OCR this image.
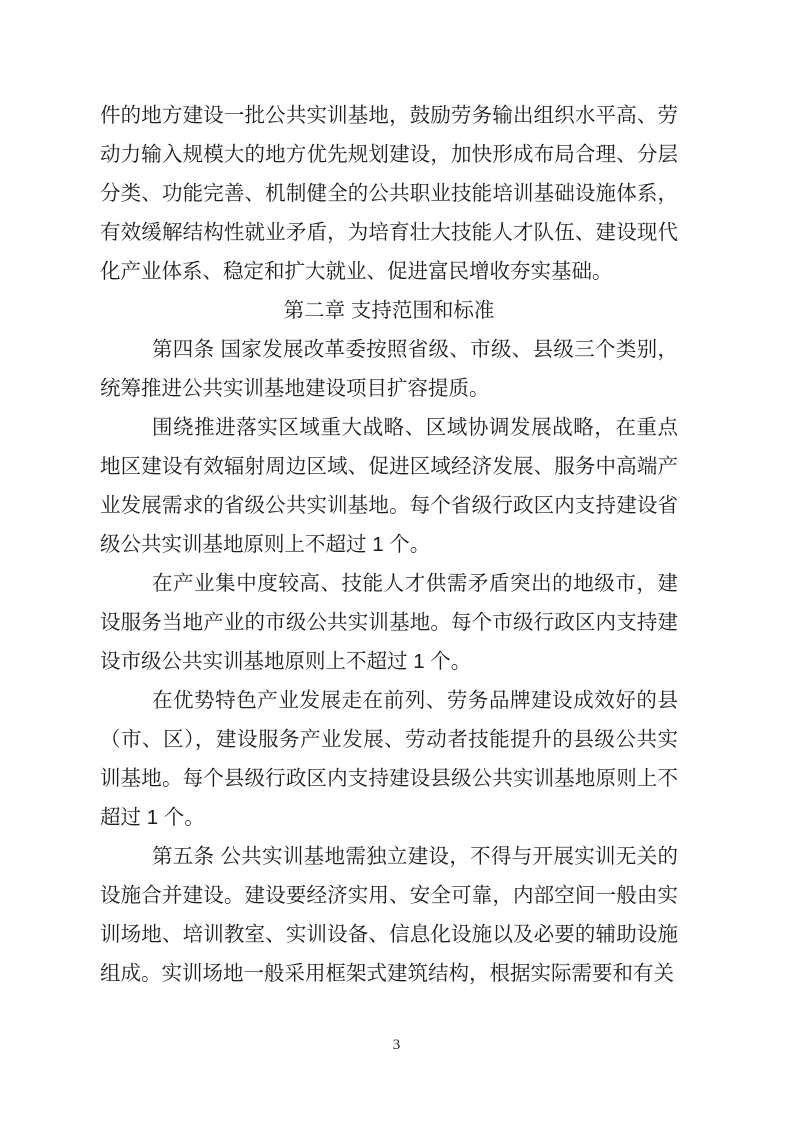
件的地方建设一批公共实训基地，鼓励劳务输出组织水平高、劳动力输入规模大的地方优先规划建设，加快形成布局合理、分层分类、功能完善、机制健全的公共职业技能培训基础设施体系，有效缓解结构性就业矛盾，为培育壮大技能人才队伍、建设现代化产业体系、稳定和扩大就业、促进富民增收夯实基础。

第二章 支持范围和标准

第四条 国家发展改革委按照省级、市级、县级三个类别，统筹推进公共实训基地建设项目扩容提质。

围绕推进落实区域重大战略、区域协调发展战略，在重点地区建设有效辐射周边区域、促进区域经济发展、服务中高端产业发展需求的省级公共实训基地。每个省级行政区内支持建设省级公共实训基地原则上不超过 1 个。

在产业集中度较高、技能人才供需矛盾突出的地级市，建设服务当地产业的市级公共实训基地。每个市级行政区内支持建设市级公共实训基地原则上不超过 1 个。

在优势特色产业发展走在前列、劳务品牌建设成效好的县（市、区），建设服务产业发展、劳动者技能提升的县级公共实训基地。每个县级行政区内支持建设县级公共实训基地原则上不超过 1 个。

第五条 公共实训基地需独立建设，不得与开展实训无关的设施合并建设。建设要经济实用、安全可靠，内部空间一般由实训场地、培训教室、实训设备、信息化设施以及必要的辅助设施组成。实训场地一般采用框架式建筑结构，根据实际需要和有关

3
